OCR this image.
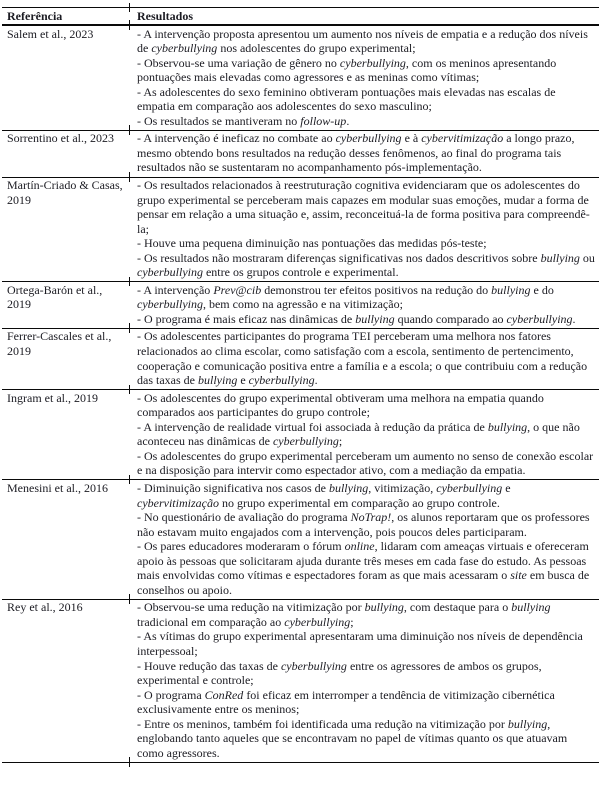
Referência	Resultados
Salem et al., 2023	- A intervenção proposta apresentou um aumento nos níveis de empatia e a redução dos níveis de cyberbullying nos adolescentes do grupo experimental;
- Observou-se uma variação de gênero no cyberbullying, com os meninos apresentando pontuações mais elevadas como agressores e as meninas como vítimas;
- As adolescentes do sexo feminino obtiveram pontuações mais elevadas nas escalas de empatia em comparação aos adolescentes do sexo masculino;
- Os resultados se mantiveram no follow-up.
Sorrentino et al., 2023	- A intervenção é ineficaz no combate ao cyberbullying e à cybervitimização a longo prazo, mesmo obtendo bons resultados na redução desses fenômenos, ao final do programa tais resultados não se sustentaram no acompanhamento pós-implementação.
Martín-Criado & Casas, 2019
- Os resultados relacionados à reestruturação cognitiva evidenciaram que os adolescentes do grupo experimental se perceberam mais capazes em modular suas emoções, mudar a forma de pensar em relação a uma situação e, assim, reconceituá-la de forma positiva para compreendê-la;
- Houve uma pequena diminuição nas pontuações das medidas pós-teste;
- Os resultados não mostraram diferenças significativas nos dados descritivos sobre bullying ou cyberbullying entre os grupos controle e experimental.
Ortega-Barón et al., 2019
- A intervenção Prev@cib demonstrou ter efeitos positivos na redução do bullying e do cyberbullying, bem como na agressão e na vitimização;
- O programa é mais eficaz nas dinâmicas de bullying quando comparado ao cyberbullying.
Ferrer-Cascales et al., 2019
- Os adolescentes participantes do programa TEI perceberam uma melhora nos fatores relacionados ao clima escolar, como satisfação com a escola, sentimento de pertencimento, cooperação e comunicação positiva entre a família e a escola; o que contribuiu com a redução das taxas de bullying e cyberbullying.
Ingram et al., 2019	- Os adolescentes do grupo experimental obtiveram uma melhora na empatia quando comparados aos participantes do grupo controle;
- A intervenção de realidade virtual foi associada à redução da prática de bullying, o que não aconteceu nas dinâmicas de cyberbullying;
- Os adolescentes do grupo experimental perceberam um aumento no senso de conexão escolar e na disposição para intervir como espectador ativo, com a mediação da empatia.
Menesini et al., 2016	- Diminuição significativa nos casos de bullying, vitimização, cyberbullying e cybervitimização no grupo experimental em comparação ao grupo controle.
- No questionário de avaliação do programa NoTrap!, os alunos reportaram que os professores não estavam muito engajados com a intervenção, pois poucos deles participaram.
- Os pares educadores moderaram o fórum online, lidaram com ameaças virtuais e ofereceram apoio às pessoas que solicitaram ajuda durante três meses em cada fase do estudo. As pessoas mais envolvidas como vítimas e espectadores foram as que mais acessaram o site em busca de conselhos ou apoio.
Rey et al., 2016	- Observou-se uma redução na vitimização por bullying, com destaque para o bullying tradicional em comparação ao cyberbullying;
- As vítimas do grupo experimental apresentaram uma diminuição nos níveis de dependência interpessoal;
- Houve redução das taxas de cyberbullying entre os agressores de ambos os grupos, experimental e controle;
- O programa ConRed foi eficaz em interromper a tendência de vitimização cibernética exclusivamente entre os meninos;
- Entre os meninos, também foi identificada uma redução na vitimização por bullying, englobando tanto aqueles que se encontravam no papel de vítimas quanto os que atuavam como agressores.
